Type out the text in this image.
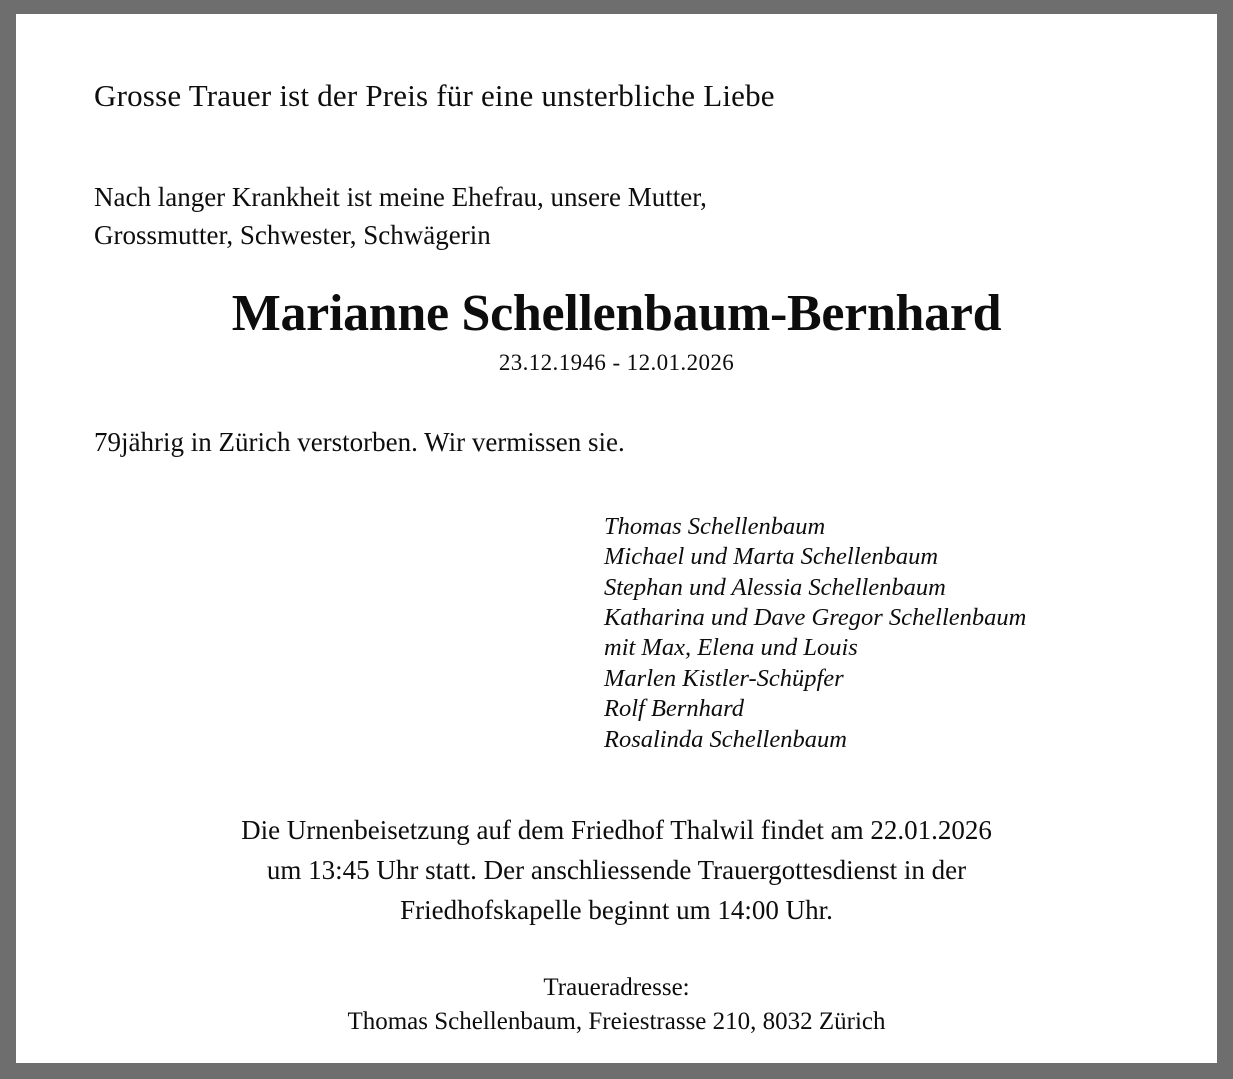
Grosse Trauer ist der Preis für eine unsterbliche Liebe

Nach langer Krankheit ist meine Ehefrau, unsere Mutter,
Grossmutter, Schwester, Schwägerin
Marianne Schellenbaum-Bernhard
23.12.1946 - 12.01.2026

79jährig in Zürich verstorben. Wir vermissen sie.

Thomas Schellenbaum
Michael und Marta Schellenbaum
Stephan und Alessia Schellenbaum
Katharina und Dave Gregor Schellenbaum
mit Max, Elena und Louis
Marlen Kistler-Schüpfer
Rolf Bernhard
Rosalinda Schellenbaum
Die Urnenbeisetzung auf dem Friedhof Thalwil findet am 22.01.2026
um 13:45 Uhr statt. Der anschliessende Trauergottesdienst in der
Friedhofskapelle beginnt um 14:00 Uhr.
Traueradresse:
Thomas Schellenbaum, Freiestrasse 210, 8032 Zürich
